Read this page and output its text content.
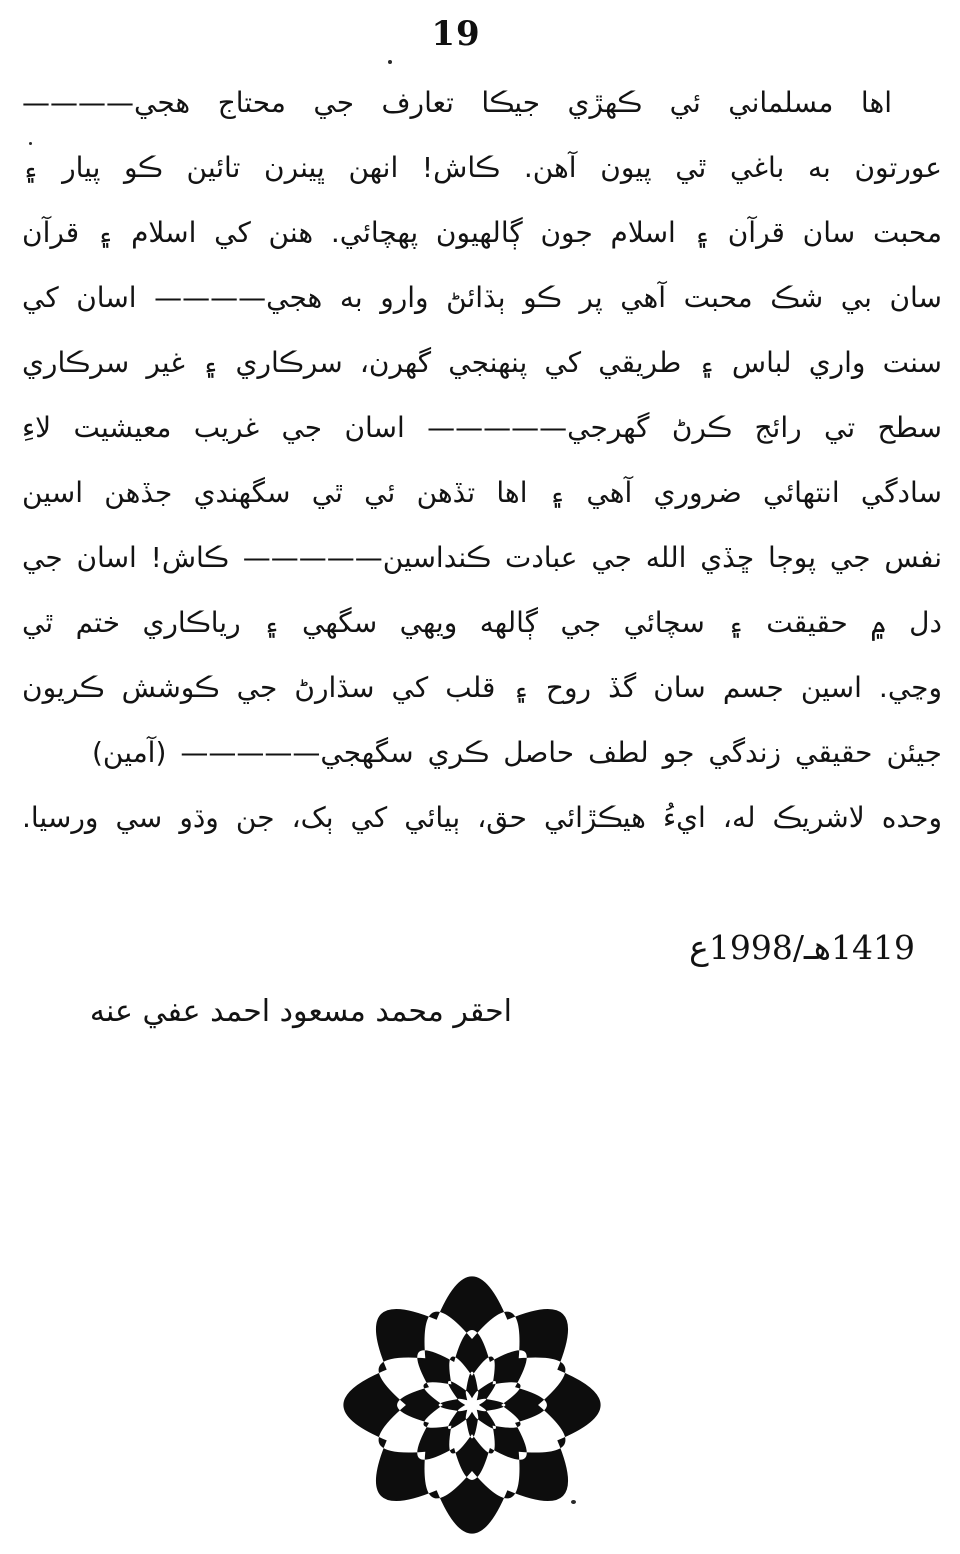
19

اها مسلماني ئي ڪهڙي جيڪا تعارف جي محتاج هجي————

عورتون به باغي ٿي پيون آهن. ڪاش! انهن ڀينرن تائين ڪو پيار ۽

محبت سان قرآن ۽ اسلام جون ڳالهيون پهچائي. هنن کي اسلام ۽ قرآن

سان بي شڪ محبت آهي پر ڪو ٻڌائڻ وارو به هجي———— اسان کي

سنت واري لباس ۽ طريقي کي پنهنجي گهرن، سرڪاري ۽ غير سرڪاري

سطح تي رائج ڪرڻ گهرجي————— اسان جي غريب معيشيت لاءِ

سادگي انتهائي ضروري آهي ۽ اها تڏهن ئي ٿي سگهندي جڏهن اسين

نفس جي پوڄا ڇڏي الله جي عبادت ڪنداسين————— ڪاش! اسان جي

دل ۾ حقيقت ۽ سچائي جي ڳالهه ويهي سگهي ۽ رياڪاري ختم ٿي

وڃي. اسين جسم سان گڏ روح ۽ قلب کي سڌارڻ جي ڪوشش ڪريون

جيئن حقيقي زندگي جو لطف حاصل ڪري سگهجي————— (آمين)

وحده لاشريڪ له، ايءُ هيڪڙائي حق، ٻيائي کي ٻک، جن وڌو سي ورسيا.

1419هـ/1998ع
احقر محمد مسعود احمد عفي عنه
